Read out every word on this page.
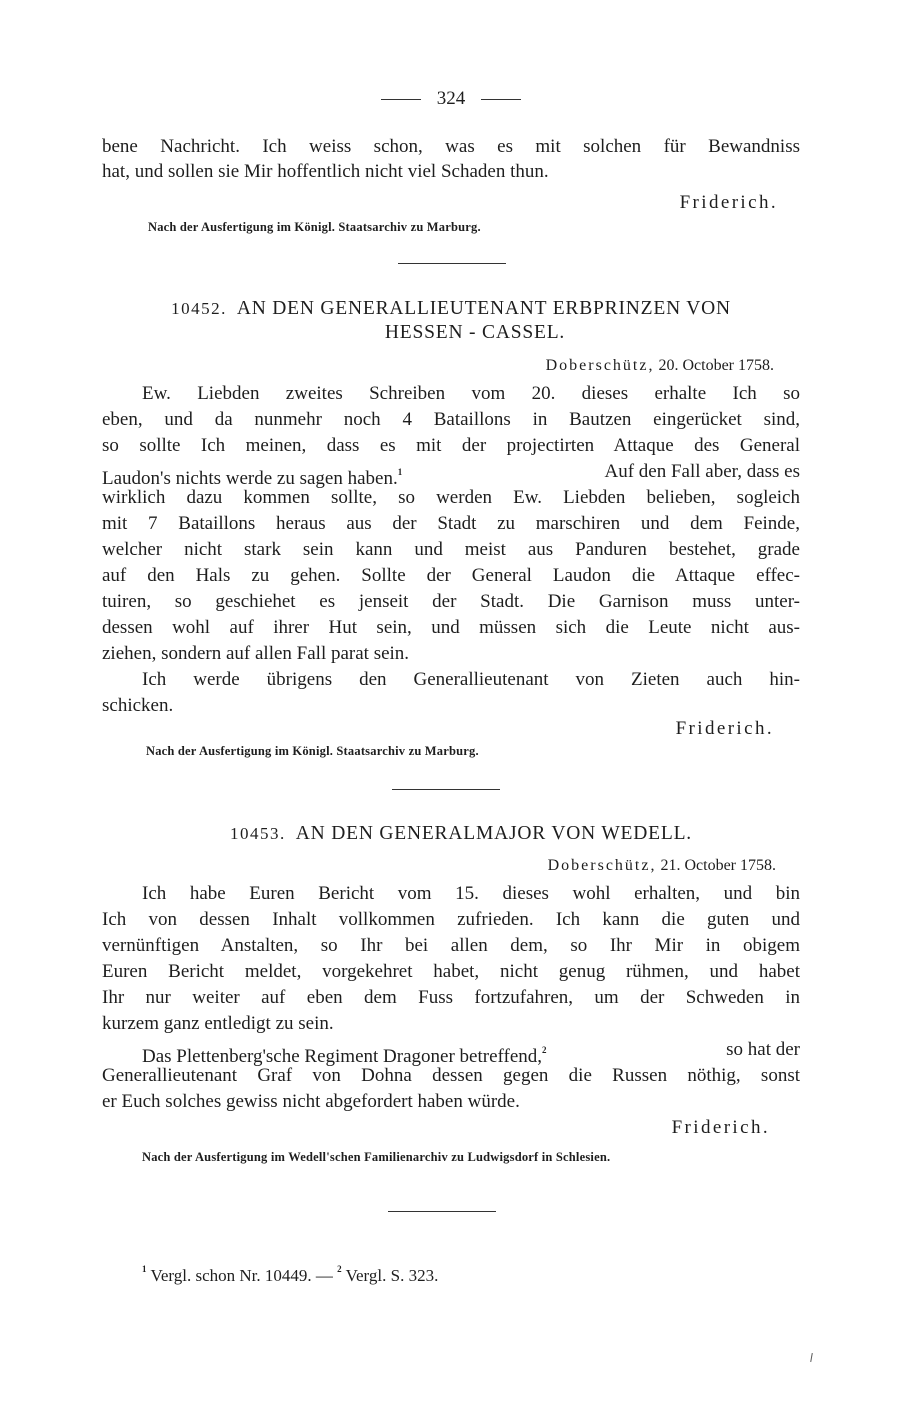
324
bene Nachricht. Ich weiss schon, was es mit solchen für Bewandniss
hat, und sollen sie Mir hoffentlich nicht viel Schaden thun.
Friderich.
Nach der Ausfertigung im Königl. Staatsarchiv zu Marburg.
10452. AN DEN GENERALLIEUTENANT ERBPRINZEN VON
HESSEN - CASSEL.
Doberschütz, 20. October 1758.
Ew. Liebden zweites Schreiben vom 20. dieses erhalte Ich so
eben, und da nunmehr noch 4 Bataillons in Bautzen eingerücket sind,
so sollte Ich meinen, dass es mit der projectirten Attaque des General
Laudon's nichts werde zu sagen haben.$^1$	Auf den Fall aber, dass es
wirklich dazu kommen sollte, so werden Ew. Liebden belieben, sogleich
mit 7 Bataillons heraus aus der Stadt zu marschiren und dem Feinde,
welcher nicht stark sein kann und meist aus Panduren bestehet, grade
auf den Hals zu gehen. Sollte der General Laudon die Attaque effec-
tuiren, so geschiehet es jenseit der Stadt. Die Garnison muss unter-
dessen wohl auf ihrer Hut sein, und müssen sich die Leute nicht aus-
ziehen, sondern auf allen Fall parat sein.
Ich werde übrigens den Generallieutenant von Zieten auch hin-
schicken.
Friderich.
Nach der Ausfertigung im Königl. Staatsarchiv zu Marburg.
10453. AN DEN GENERALMAJOR VON WEDELL.
Doberschütz, 21. October 1758.
Ich habe Euren Bericht vom 15. dieses wohl erhalten, und bin
Ich von dessen Inhalt vollkommen zufrieden. Ich kann die guten und
vernünftigen Anstalten, so Ihr bei allen dem, so Ihr Mir in obigem
Euren Bericht meldet, vorgekehret habet, nicht genug rühmen, und habet
Ihr nur weiter auf eben dem Fuss fortzufahren, um der Schweden in
kurzem ganz entledigt zu sein.
Das Plettenberg'sche Regiment Dragoner betreffend,$^2$	so hat der
Generallieutenant Graf von Dohna dessen gegen die Russen nöthig, sonst
er Euch solches gewiss nicht abgefordert haben würde.
Friderich.
Nach der Ausfertigung im Wedell'schen Familienarchiv zu Ludwigsdorf in Schlesien.
$^1$ Vergl. schon Nr. 10449. — $^2$ Vergl. S. 323.
